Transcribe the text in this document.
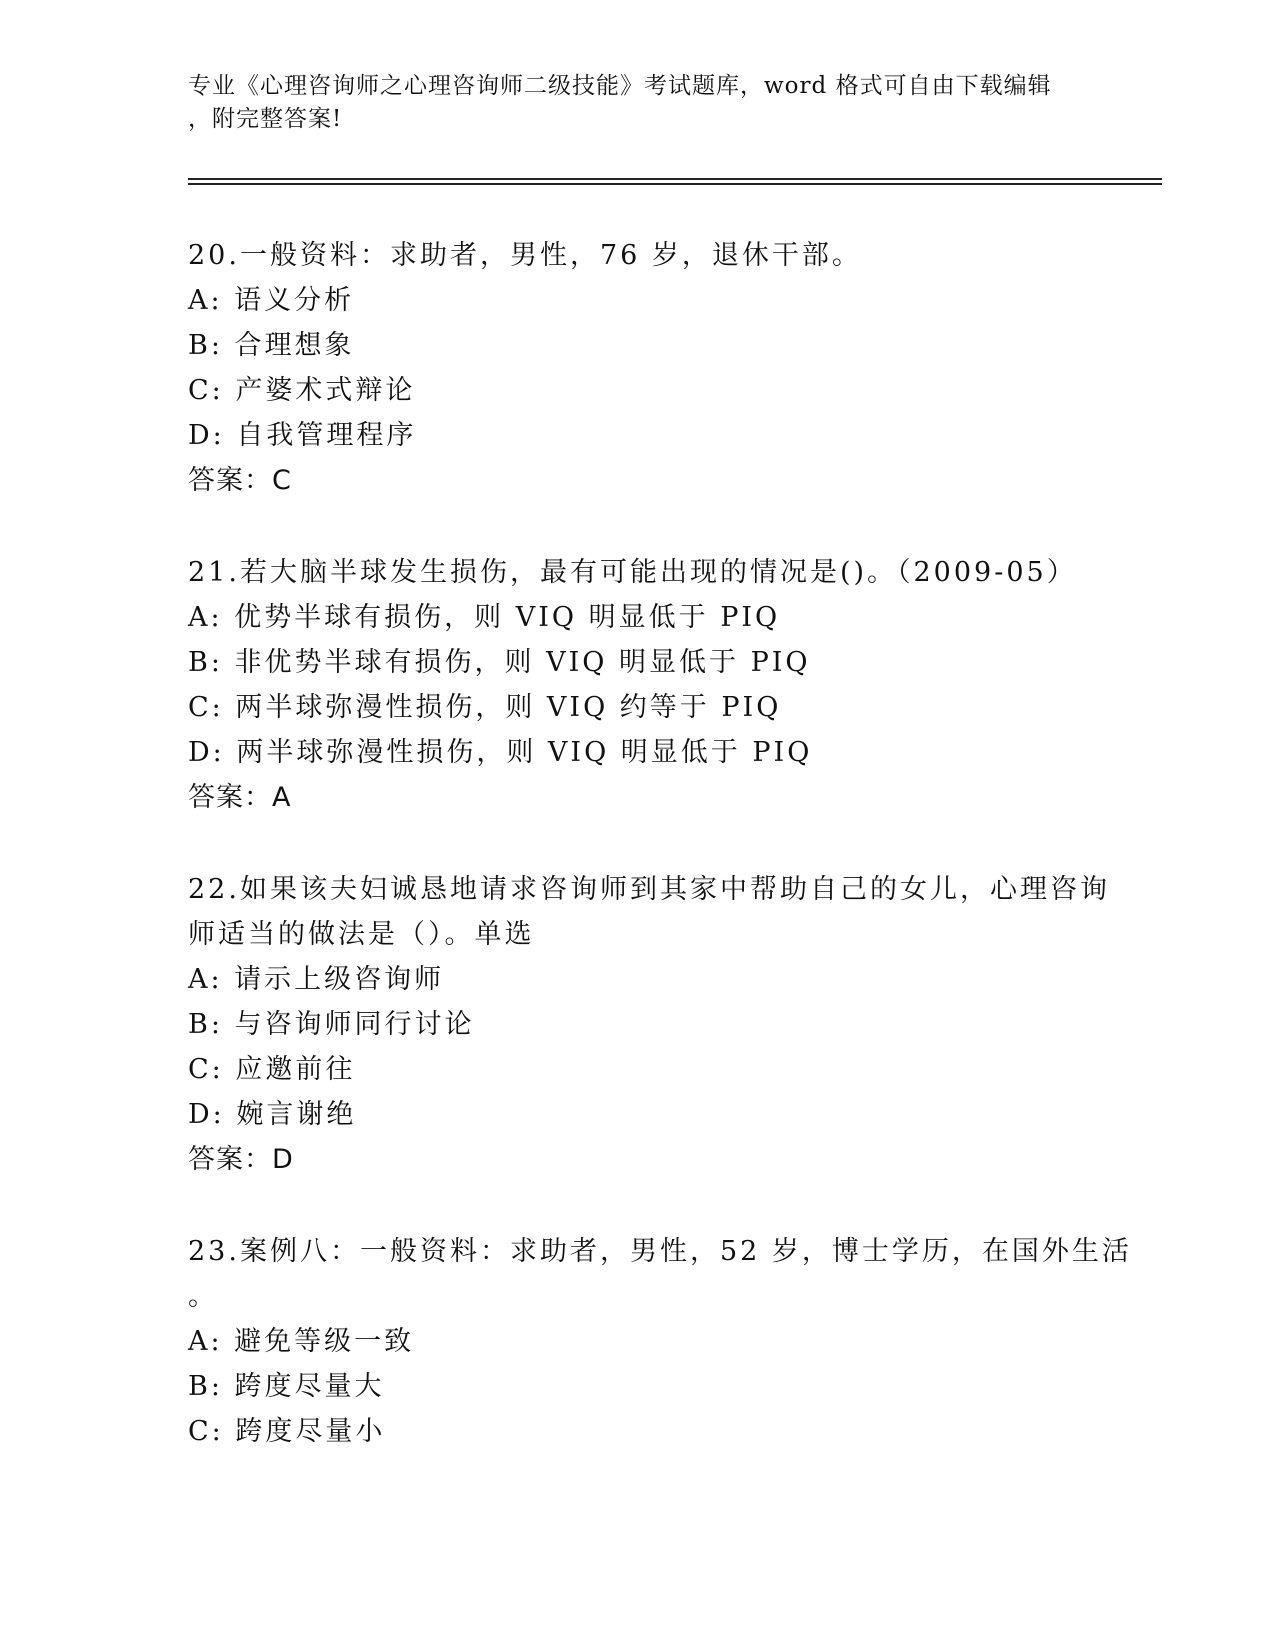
专业《心理咨询师之心理咨询师二级技能》考试题库，word 格式可自由下载编辑
，附完整答案!
20.一般资料：求助者，男性，76 岁，退休干部。
A: 语义分析
B: 合理想象
C: 产婆术式辩论
D: 自我管理程序
答案：C
21.若大脑半球发生损伤，最有可能出现的情况是()。（2009-05）
A: 优势半球有损伤，则 VIQ 明显低于 PIQ
B: 非优势半球有损伤，则 VIQ 明显低于 PIQ
C: 两半球弥漫性损伤，则 VIQ 约等于 PIQ
D: 两半球弥漫性损伤，则 VIQ 明显低于 PIQ
答案：A
22.如果该夫妇诚恳地请求咨询师到其家中帮助自己的女儿，心理咨询
师适当的做法是（）。单选
A: 请示上级咨询师
B: 与咨询师同行讨论
C: 应邀前往
D: 婉言谢绝
答案：D
23.案例八：一般资料：求助者，男性，52 岁，博士学历，在国外生活
。
A: 避免等级一致
B: 跨度尽量大
C: 跨度尽量小
